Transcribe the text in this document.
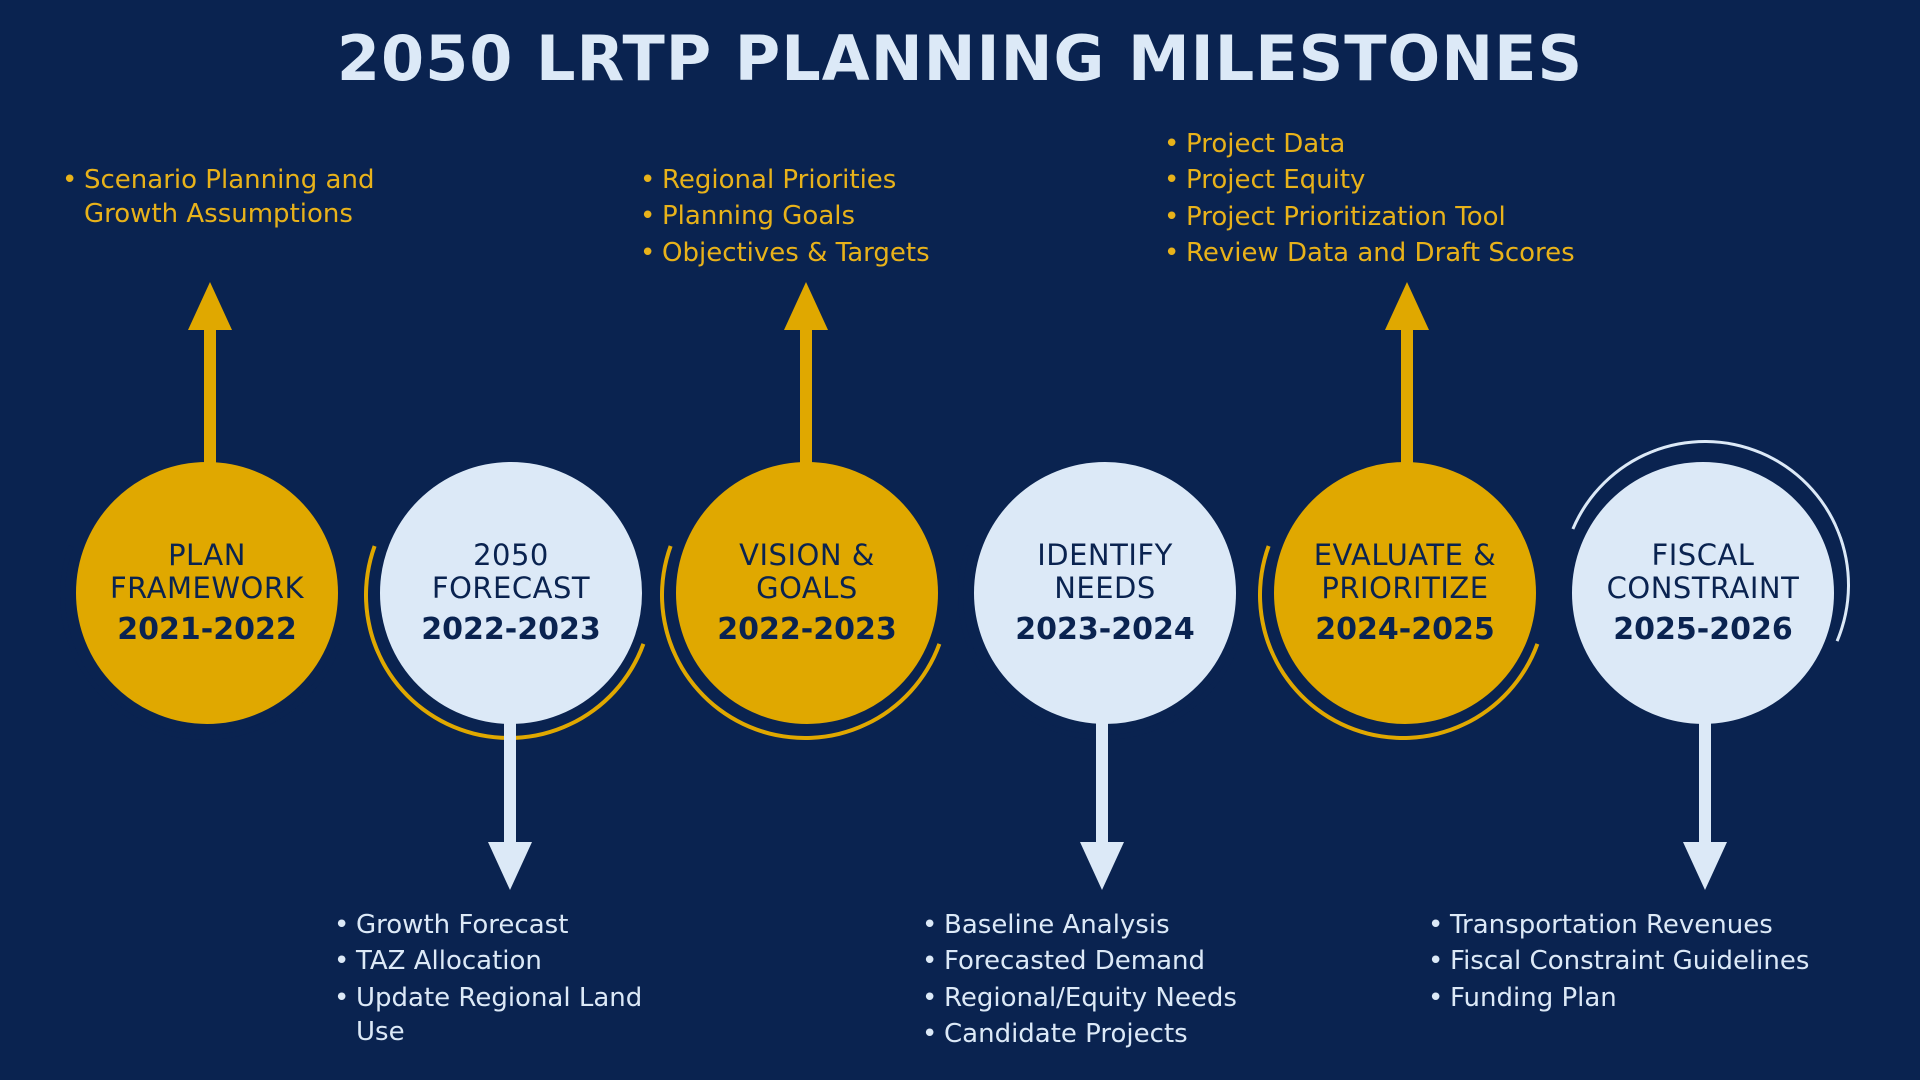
2050 LRTP PLANNING MILESTONES
PLAN
FRAMEWORK
2021-2022
2050
FORECAST
2022-2023
VISION &
GOALS
2022-2023
IDENTIFY
NEEDS
2023-2024
EVALUATE &
PRIORITIZE
2024-2025
FISCAL
CONSTRAINT
2025-2026
• Scenario Planning and Growth Assumptions
• Regional Priorities
• Planning Goals
• Objectives & Targets
• Project Data
• Project Equity
• Project Prioritization Tool
• Review Data and Draft Scores
• Growth Forecast
• TAZ Allocation
• Update Regional Land Use
• Baseline Analysis
• Forecasted Demand
• Regional/Equity Needs
• Candidate Projects
• Transportation Revenues
• Fiscal Constraint Guidelines
• Funding Plan
